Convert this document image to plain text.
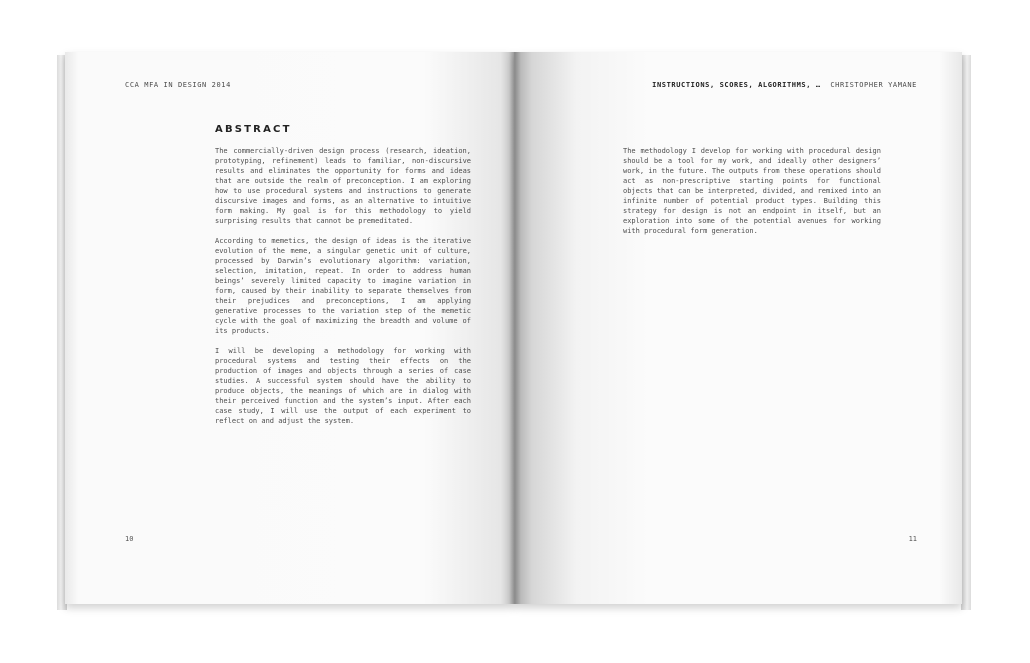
CCA MFA IN DESIGN 2014
ABSTRACT

The commercially-driven design process (research, ideation, prototyping, refinement) leads to familiar, non-discursive results and eliminates the opportunity for forms and ideas that are outside the realm of preconception. I am exploring how to use procedural systems and instructions to generate discursive images and forms, as an alternative to intuitive form making. My goal is for this methodology to yield surprising results that cannot be premeditated.

According to memetics, the design of ideas is the iterative evolution of the meme, a singular genetic unit of culture, processed by Darwin’s evolutionary algorithm: variation, selection, imitation, repeat. In order to address human beings’ severely limited capacity to imagine variation in form, caused by their inability to separate themselves from their prejudices and preconceptions, I am applying generative processes to the variation step of the memetic cycle with the goal of maximizing the breadth and volume of its products.

I will be developing a methodology for working with procedural systems and testing their effects on the production of images and objects through a series of case studies. A successful system should have the ability to produce objects, the meanings of which are in dialog with their perceived function and the system’s input. After each case study, I will use the output of each experiment to reflect on and adjust the system.

10
INSTRUCTIONS, SCORES, ALGORITHMS, … CHRISTOPHER YAMANE

The methodology I develop for working with procedural design should be a tool for my work, and ideally other designers’ work, in the future. The outputs from these operations should act as non-prescriptive starting points for functional objects that can be interpreted, divided, and remixed into an infinite number of potential product types. Building this strategy for design is not an endpoint in itself, but an exploration into some of the potential avenues for working with procedural form generation.

11
